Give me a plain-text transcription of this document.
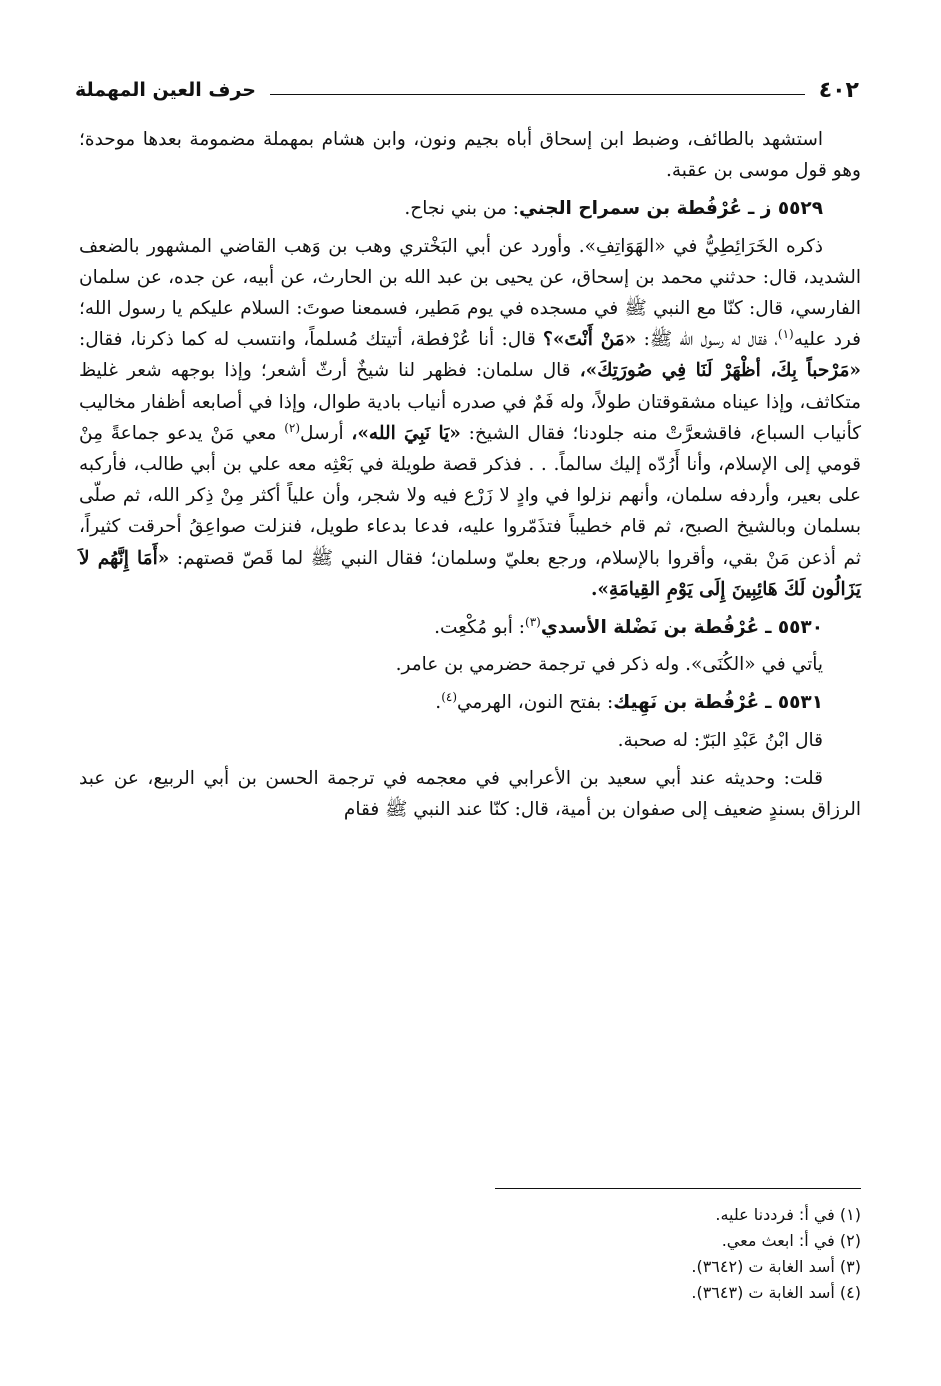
٤٠٢
حرف العين المهملة

استشهد بالطائف، وضبط ابن إسحاق أباه بجيم ونون، وابن هشام بمهملة مضمومة بعدها موحدة؛ وهو قول موسى بن عقبة.

٥٥٢٩ ز ـ عُرْفُطة بن سمراح الجني: من بني نجاح.

ذكره الخَرَائِطِيُّ في «الهَوَاتِفِ». وأورد عن أبي البَخْتري وهب بن وَهب القاضي المشهور بالضعف الشديد، قال: حدثني محمد بن إسحاق، عن يحيى بن عبد الله بن الحارث، عن أبيه، عن جده، عن سلمان الفارسي، قال: كنّا مع النبي ﷺ في مسجده في يوم مَطير، فسمعنا صوتَ: السلام عليكم يا رسول الله؛ فرد عليه$^{(١)}$، فقال له رسول الله ﷺ: «مَنْ أَنْتَ»؟ قال: أنا عُرْفطة، أتيتك مُسلماً، وانتسب له كما ذكرنا، فقال: «مَرْحباً بِكَ، أظْهَرْ لَنَا فِي صُورَتِكَ»، قال سلمان: فظهر لنا شيخٌ أرثّ أشعر؛ وإذا بوجهه شعر غليظ متكاثف، وإذا عيناه مشقوقتان طولاً، وله فَمٌ في صدره أنياب بادية طوال، وإذا في أصابعه أظفار مخاليب كأنياب السباع، فاقشعرَّتْ منه جلودنا؛ فقال الشيخ: «يَا نَبِيَ الله»، أرسل$^{(٢)}$ معي مَنْ يدعو جماعةً مِنْ قومي إلى الإسلام، وأنا أَرُدّه إليك سالماً. . . فذكر قصة طويلة في بَعْثِه معه علي بن أبي طالب، فأركبه على بعير، وأردفه سلمان، وأنهم نزلوا في وادٍ لا زَرْع فيه ولا شجر، وأن علياً أكثر مِنْ ذِكر الله، ثم صلّى بسلمان وبالشيخ الصبح، ثم قام خطيباً فتذَمّروا عليه، فدعا بدعاء طويل، فنزلت صواعِقُ أحرقت كثيراً، ثم أذعن مَنْ بقي، وأقروا بالإسلام، ورجع بعليّ وسلمان؛ فقال النبي ﷺ لما قَصّ قصتهم: «أَمَا إِنَّهُم لاَ يَزَالُون لَكَ هَائِبِينَ إِلَى يَوْمِ القِيامَةِ».

٥٥٣٠ ـ عُرْفُطة بن نَضْلة الأسدي$^{(٣)}$: أبو مُكْعِت.

يأتي في «الكُنَى». وله ذكر في ترجمة حضرمي بن عامر.

٥٥٣١ ـ عُرْفُطة بن نَهِيك: بفتح النون، الهرمي$^{(٤)}$.

قال ابْنُ عَبْدِ البَرّ: له صحبة.

قلت: وحديثه عند أبي سعيد بن الأعرابي في معجمه في ترجمة الحسن بن أبي الربيع، عن عبد الرزاق بسندٍ ضعيف إلى صفوان بن أمية، قال: كنّا عند النبي ﷺ فقام

(١) في أ: فرددنا عليه.

(٢) في أ: ابعث معي.

(٣) أسد الغابة ت (٣٦٤٢).

(٤) أسد الغابة ت (٣٦٤٣).
